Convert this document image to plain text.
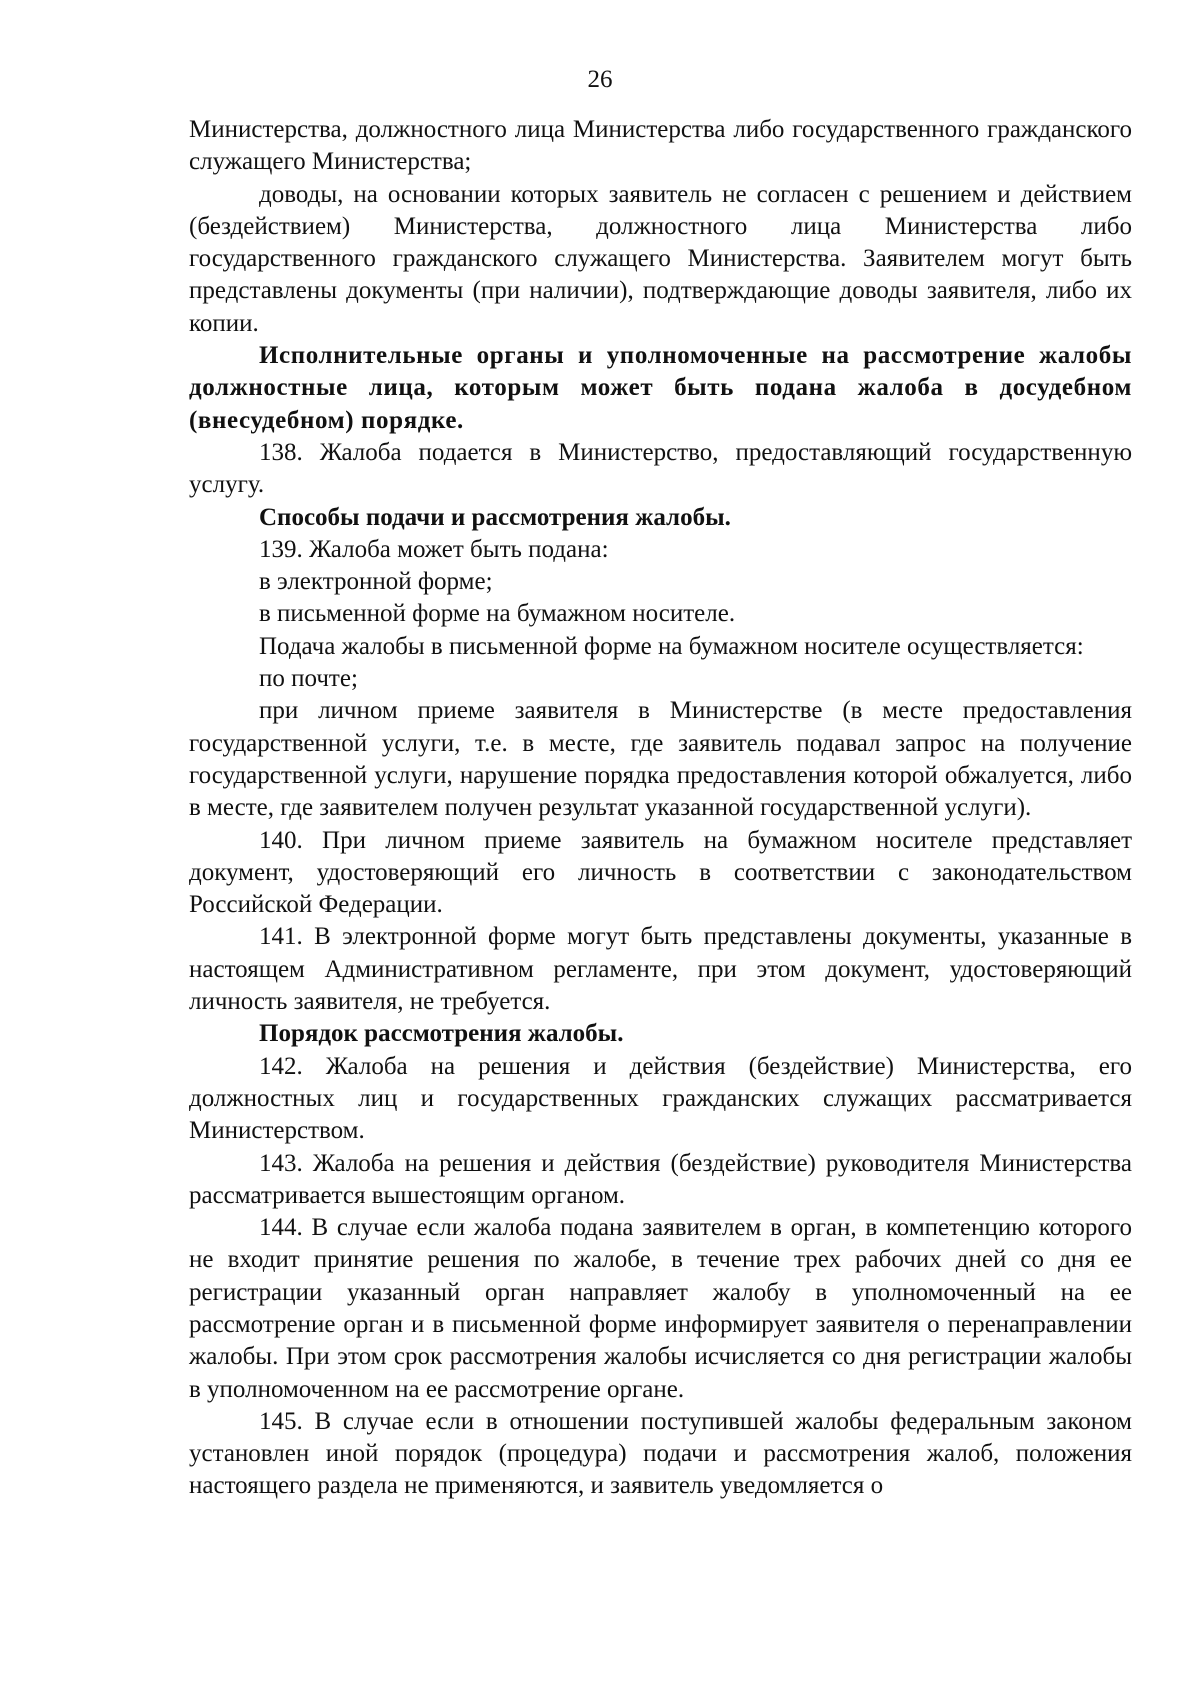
26

Министерства, должностного лица Министерства либо государственного гражданского служащего Министерства;

доводы, на основании которых заявитель не согласен с решением и действием (бездействием) Министерства, должностного лица Министерства либо государственного гражданского служащего Министерства. Заявителем могут быть представлены документы (при наличии), подтверждающие доводы заявителя, либо их копии.

Исполнительные органы и уполномоченные на рассмотрение жалобы должностные лица, которым может быть подана жалоба в досудебном (внесудебном) порядке.

138. Жалоба подается в Министерство, предоставляющий государственную услугу.

Способы подачи и рассмотрения жалобы.

139. Жалоба может быть подана:

в электронной форме;

в письменной форме на бумажном носителе.

Подача жалобы в письменной форме на бумажном носителе осуществляется:

по почте;

при личном приеме заявителя в Министерстве (в месте предоставления государственной услуги, т.е. в месте, где заявитель подавал запрос на получение государственной услуги, нарушение порядка предоставления которой обжалуется, либо в месте, где заявителем получен результат указанной государственной услуги).

140. При личном приеме заявитель на бумажном носителе представляет документ, удостоверяющий его личность в соответствии с законодательством Российской Федерации.

141. В электронной форме могут быть представлены документы, указанные в настоящем Административном регламенте, при этом документ, удостоверяющий личность заявителя, не требуется.

Порядок рассмотрения жалобы.

142. Жалоба на решения и действия (бездействие) Министерства, его должностных лиц и государственных гражданских служащих рассматривается Министерством.

143. Жалоба на решения и действия (бездействие) руководителя Министерства рассматривается вышестоящим органом.

144. В случае если жалоба подана заявителем в орган, в компетенцию которого не входит принятие решения по жалобе, в течение трех рабочих дней со дня ее регистрации указанный орган направляет жалобу в уполномоченный на ее рассмотрение орган и в письменной форме информирует заявителя о перенаправлении жалобы. При этом срок рассмотрения жалобы исчисляется со дня регистрации жалобы в уполномоченном на ее рассмотрение органе.

145. В случае если в отношении поступившей жалобы федеральным законом установлен иной порядок (процедура) подачи и рассмотрения жалоб, положения настоящего раздела не применяются, и заявитель уведомляется о
